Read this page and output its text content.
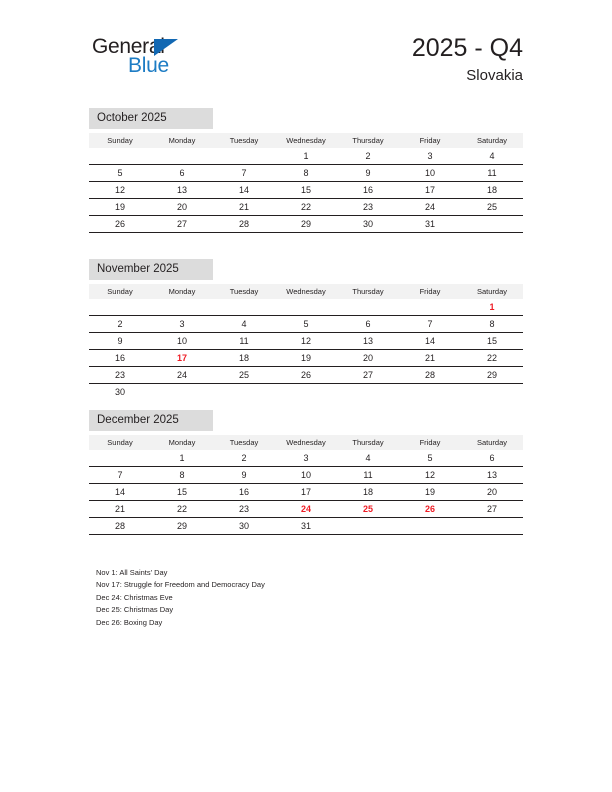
General
Blue
2025 - Q4
Slovakia
October 2025
Sunday	Monday	Tuesday	Wednesday	Thursday	Friday	Saturday
			1	2	3	4
5	6	7	8	9	10	11
12	13	14	15	16	17	18
19	20	21	22	23	24	25
26	27	28	29	30	31	
November 2025
Sunday	Monday	Tuesday	Wednesday	Thursday	Friday	Saturday
						1
2	3	4	5	6	7	8
9	10	11	12	13	14	15
16	17	18	19	20	21	22
23	24	25	26	27	28	29
30						
December 2025
Sunday	Monday	Tuesday	Wednesday	Thursday	Friday	Saturday
	1	2	3	4	5	6
7	8	9	10	11	12	13
14	15	16	17	18	19	20
21	22	23	24	25	26	27
28	29	30	31			
Nov 1: All Saints’ Day
Nov 17: Struggle for Freedom and Democracy Day
Dec 24: Christmas Eve
Dec 25: Christmas Day
Dec 26: Boxing Day
